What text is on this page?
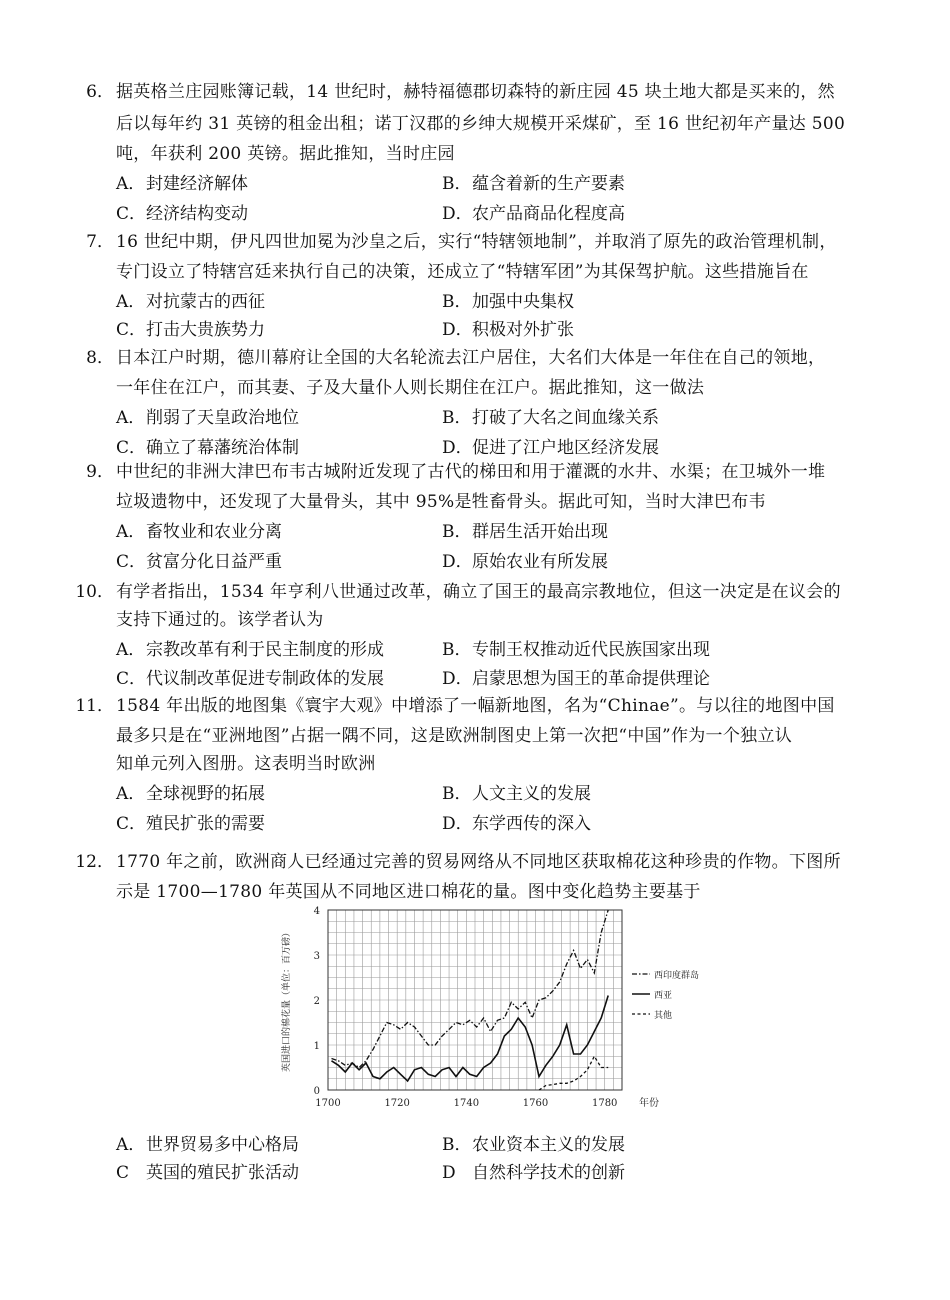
6． 据英格兰庄园账簿记载，14 世纪时，赫特福德郡切森特的新庄园 45 块土地大都是买来的，然
后以每年约 31 英镑的租金出租；诺丁汉郡的乡绅大规模开采煤矿，至 16 世纪初年产量达 500
吨，年获利 200 英镑。据此推知，当时庄园
A．封建经济解体	B．蕴含着新的生产要素
C．经济结构变动	D．农产品商品化程度高
7． 16 世纪中期，伊凡四世加冕为沙皇之后，实行“特辖领地制”，并取消了原先的政治管理机制，
专门设立了特辖宫廷来执行自己的决策，还成立了“特辖军团”为其保驾护航。这些措施旨在
A．对抗蒙古的西征	B．加强中央集权
C．打击大贵族势力	D．积极对外扩张
8． 日本江户时期，德川幕府让全国的大名轮流去江户居住，大名们大体是一年住在自己的领地，
一年住在江户，而其妻、子及大量仆人则长期住在江户。据此推知，这一做法
A．削弱了天皇政治地位	B．打破了大名之间血缘关系
C．确立了幕藩统治体制	D．促进了江户地区经济发展
9． 中世纪的非洲大津巴布韦古城附近发现了古代的梯田和用于灌溉的水井、水渠；在卫城外一堆
垃圾遗物中，还发现了大量骨头，其中 95%是牲畜骨头。据此可知，当时大津巴布韦
A．畜牧业和农业分离	B．群居生活开始出现
C．贫富分化日益严重	D．原始农业有所发展
10． 有学者指出，1534 年亨利八世通过改革，确立了国王的最高宗教地位，但这一决定是在议会的
支持下通过的。该学者认为
A．宗教改革有利于民主制度的形成	B．专制王权推动近代民族国家出现
C．代议制改革促进专制政体的发展	D．启蒙思想为国王的革命提供理论
11． 1584 年出版的地图集《寰宇大观》中增添了一幅新地图，名为“Chinae”。与以往的地图中国
最多只是在“亚洲地图”占据一隅不同，这是欧洲制图史上第一次把“中国”作为一个独立认
知单元列入图册。这表明当时欧洲
A．全球视野的拓展	B．人文主义的发展
C．殖民扩张的需要	D．东学西传的深入
12． 1770 年之前，欧洲商人已经通过完善的贸易网络从不同地区获取棉花这种珍贵的作物。下图所
示是 1700—1780 年英国从不同地区进口棉花的量。图中变化趋势主要基于
A．世界贸易多中心格局	B．农业资本主义的发展
C英国的殖民扩张活动	D自然科学技术的创新
0
1
2
3
4
1700	1720	1740	1760	1780 年份
英国进口的棉花量（单位：百万磅）	西印度群岛
西亚
其他
